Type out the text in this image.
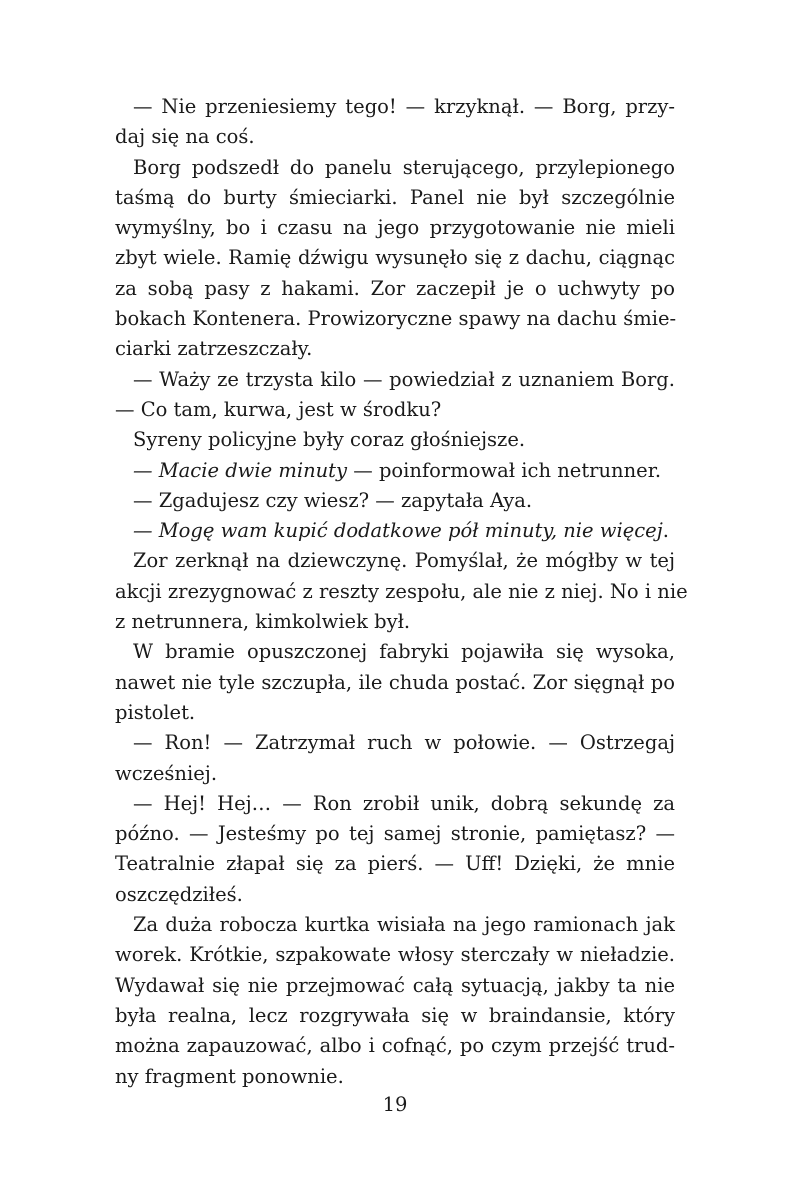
— Nie przeniesiemy tego! — krzyknął. — Borg, przy-
daj się na coś.
Borg podszedł do panelu sterującego, przylepionego
taśmą do burty śmieciarki. Panel nie był szczególnie
wymyślny, bo i czasu na jego przygotowanie nie mieli
zbyt wiele. Ramię dźwigu wysunęło się z dachu, ciągnąc
za sobą pasy z hakami. Zor zaczepił je o uchwyty po
bokach Kontenera. Prowizoryczne spawy na dachu śmie-
ciarki zatrzeszczały.
— Waży ze trzysta kilo — powiedział z uznaniem Borg.
— Co tam, kurwa, jest w środku?
Syreny policyjne były coraz głośniejsze.
— Macie dwie minuty — poinformował ich netrunner.
— Zgadujesz czy wiesz? — zapytała Aya.
— Mogę wam kupić dodatkowe pół minuty, nie więcej.
Zor zerknął na dziewczynę. Pomyślał, że mógłby w tej
akcji zrezygnować z reszty zespołu, ale nie z niej. No i nie
z netrunnera, kimkolwiek był.
W bramie opuszczonej fabryki pojawiła się wysoka,
nawet nie tyle szczupła, ile chuda postać. Zor sięgnął po
pistolet.
— Ron! — Zatrzymał ruch w połowie. — Ostrzegaj
wcześniej.
— Hej! Hej… — Ron zrobił unik, dobrą sekundę za
późno. — Jesteśmy po tej samej stronie, pamiętasz? —
Teatralnie złapał się za pierś. — Uff! Dzięki, że mnie
oszczędziłeś.
Za duża robocza kurtka wisiała na jego ramionach jak
worek. Krótkie, szpakowate włosy sterczały w nieładzie.
Wydawał się nie przejmować całą sytuacją, jakby ta nie
była realna, lecz rozgrywała się w braindansie, który
można zapauzować, albo i cofnąć, po czym przejść trud-
ny fragment ponownie.
19
